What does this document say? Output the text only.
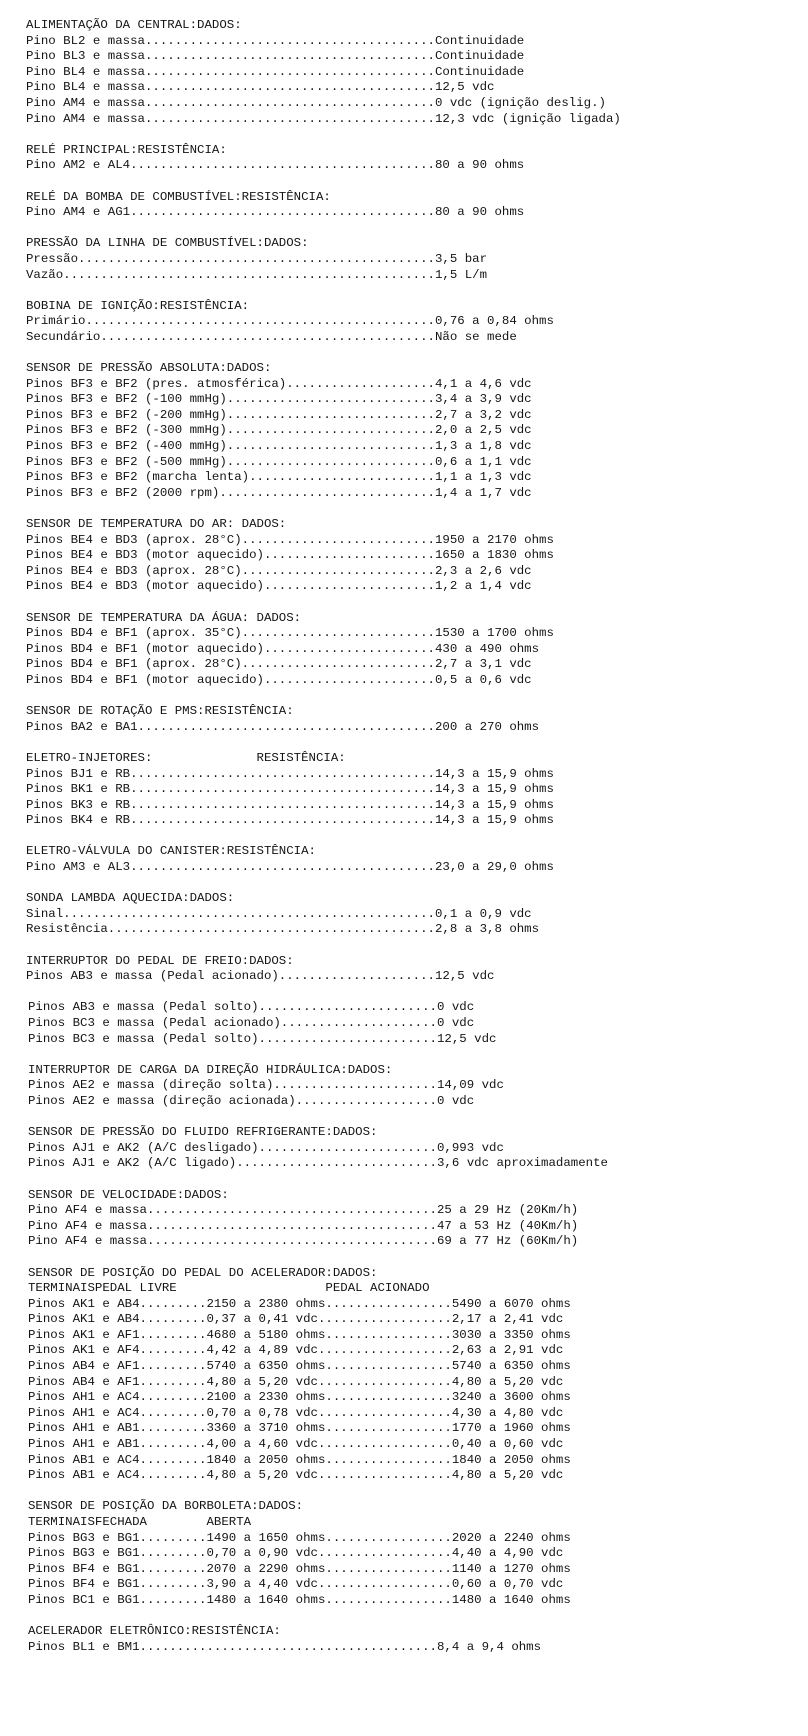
ALIMENTAÇÃO DA CENTRAL:DADOS:
Pino BL2 e massa.......................................Continuidade
Pino BL3 e massa.......................................Continuidade
Pino BL4 e massa.......................................Continuidade
Pino BL4 e massa.......................................12,5 vdc
Pino AM4 e massa.......................................0 vdc (ignição deslig.)
Pino AM4 e massa.......................................12,3 vdc (ignição ligada)
RELÉ PRINCIPAL:RESISTÊNCIA:
Pino AM2 e AL4.........................................80 a 90 ohms
RELÉ DA BOMBA DE COMBUSTÍVEL:RESISTÊNCIA:
Pino AM4 e AG1.........................................80 a 90 ohms
PRESSÃO DA LINHA DE COMBUSTÍVEL:DADOS:
Pressão................................................3,5 bar
Vazão..................................................1,5 L/m
BOBINA DE IGNIÇÃO:RESISTÊNCIA:
Primário...............................................0,76 a 0,84 ohms
Secundário.............................................Não se mede
SENSOR DE PRESSÃO ABSOLUTA:DADOS:
Pinos BF3 e BF2 (pres. atmosférica)....................4,1 a 4,6 vdc
Pinos BF3 e BF2 (-100 mmHg)............................3,4 a 3,9 vdc
Pinos BF3 e BF2 (-200 mmHg)............................2,7 a 3,2 vdc
Pinos BF3 e BF2 (-300 mmHg)............................2,0 a 2,5 vdc
Pinos BF3 e BF2 (-400 mmHg)............................1,3 a 1,8 vdc
Pinos BF3 e BF2 (-500 mmHg)............................0,6 a 1,1 vdc
Pinos BF3 e BF2 (marcha lenta).........................1,1 a 1,3 vdc
Pinos BF3 e BF2 (2000 rpm).............................1,4 a 1,7 vdc
SENSOR DE TEMPERATURA DO AR: DADOS:
Pinos BE4 e BD3 (aprox. 28°C)..........................1950 a 2170 ohms
Pinos BE4 e BD3 (motor aquecido).......................1650 a 1830 ohms
Pinos BE4 e BD3 (aprox. 28°C)..........................2,3 a 2,6 vdc
Pinos BE4 e BD3 (motor aquecido).......................1,2 a 1,4 vdc
SENSOR DE TEMPERATURA DA ÁGUA: DADOS:
Pinos BD4 e BF1 (aprox. 35°C)..........................1530 a 1700 ohms
Pinos BD4 e BF1 (motor aquecido).......................430 a 490 ohms
Pinos BD4 e BF1 (aprox. 28°C)..........................2,7 a 3,1 vdc
Pinos BD4 e BF1 (motor aquecido).......................0,5 a 0,6 vdc
SENSOR DE ROTAÇÃO E PMS:RESISTÊNCIA:
Pinos BA2 e BA1........................................200 a 270 ohms
ELETRO-INJETORES:              RESISTÊNCIA:
Pinos BJ1 e RB.........................................14,3 a 15,9 ohms
Pinos BK1 e RB.........................................14,3 a 15,9 ohms
Pinos BK3 e RB.........................................14,3 a 15,9 ohms
Pinos BK4 e RB.........................................14,3 a 15,9 ohms
ELETRO-VÁLVULA DO CANISTER:RESISTÊNCIA:
Pino AM3 e AL3.........................................23,0 a 29,0 ohms
SONDA LAMBDA AQUECIDA:DADOS:
Sinal..................................................0,1 a 0,9 vdc
Resistência............................................2,8 a 3,8 ohms
INTERRUPTOR DO PEDAL DE FREIO:DADOS:
Pinos AB3 e massa (Pedal acionado).....................12,5 vdc
Pinos AB3 e massa (Pedal solto)........................0 vdc
Pinos BC3 e massa (Pedal acionado).....................0 vdc
Pinos BC3 e massa (Pedal solto)........................12,5 vdc
INTERRUPTOR DE CARGA DA DIREÇÃO HIDRÁULICA:DADOS:
Pinos AE2 e massa (direção solta)......................14,09 vdc
Pinos AE2 e massa (direção acionada)...................0 vdc
SENSOR DE PRESSÃO DO FLUIDO REFRIGERANTE:DADOS:
Pinos AJ1 e AK2 (A/C desligado)........................0,993 vdc
Pinos AJ1 e AK2 (A/C ligado)...........................3,6 vdc aproximadamente
SENSOR DE VELOCIDADE:DADOS:
Pino AF4 e massa.......................................25 a 29 Hz (20Km/h)
Pino AF4 e massa.......................................47 a 53 Hz (40Km/h)
Pino AF4 e massa.......................................69 a 77 Hz (60Km/h)
SENSOR DE POSIÇÃO DO PEDAL DO ACELERADOR:DADOS:
TERMINAISPEDAL LIVRE                    PEDAL ACIONADO
Pinos AK1 e AB4.........2150 a 2380 ohms.................5490 a 6070 ohms
Pinos AK1 e AB4.........0,37 a 0,41 vdc..................2,17 a 2,41 vdc
Pinos AK1 e AF1.........4680 a 5180 ohms.................3030 a 3350 ohms
Pinos AK1 e AF4.........4,42 a 4,89 vdc..................2,63 a 2,91 vdc
Pinos AB4 e AF1.........5740 a 6350 ohms.................5740 a 6350 ohms
Pinos AB4 e AF1.........4,80 a 5,20 vdc..................4,80 a 5,20 vdc
Pinos AH1 e AC4.........2100 a 2330 ohms.................3240 a 3600 ohms
Pinos AH1 e AC4.........0,70 a 0,78 vdc..................4,30 a 4,80 vdc
Pinos AH1 e AB1.........3360 a 3710 ohms.................1770 a 1960 ohms
Pinos AH1 e AB1.........4,00 a 4,60 vdc..................0,40 a 0,60 vdc
Pinos AB1 e AC4.........1840 a 2050 ohms.................1840 a 2050 ohms
Pinos AB1 e AC4.........4,80 a 5,20 vdc..................4,80 a 5,20 vdc
SENSOR DE POSIÇÃO DA BORBOLETA:DADOS:
TERMINAISFECHADA        ABERTA
Pinos BG3 e BG1.........1490 a 1650 ohms.................2020 a 2240 ohms
Pinos BG3 e BG1.........0,70 a 0,90 vdc..................4,40 a 4,90 vdc
Pinos BF4 e BG1.........2070 a 2290 ohms.................1140 a 1270 ohms
Pinos BF4 e BG1.........3,90 a 4,40 vdc..................0,60 a 0,70 vdc
Pinos BC1 e BG1.........1480 a 1640 ohms.................1480 a 1640 ohms
ACELERADOR ELETRÔNICO:RESISTÊNCIA:
Pinos BL1 e BM1........................................8,4 a 9,4 ohms
